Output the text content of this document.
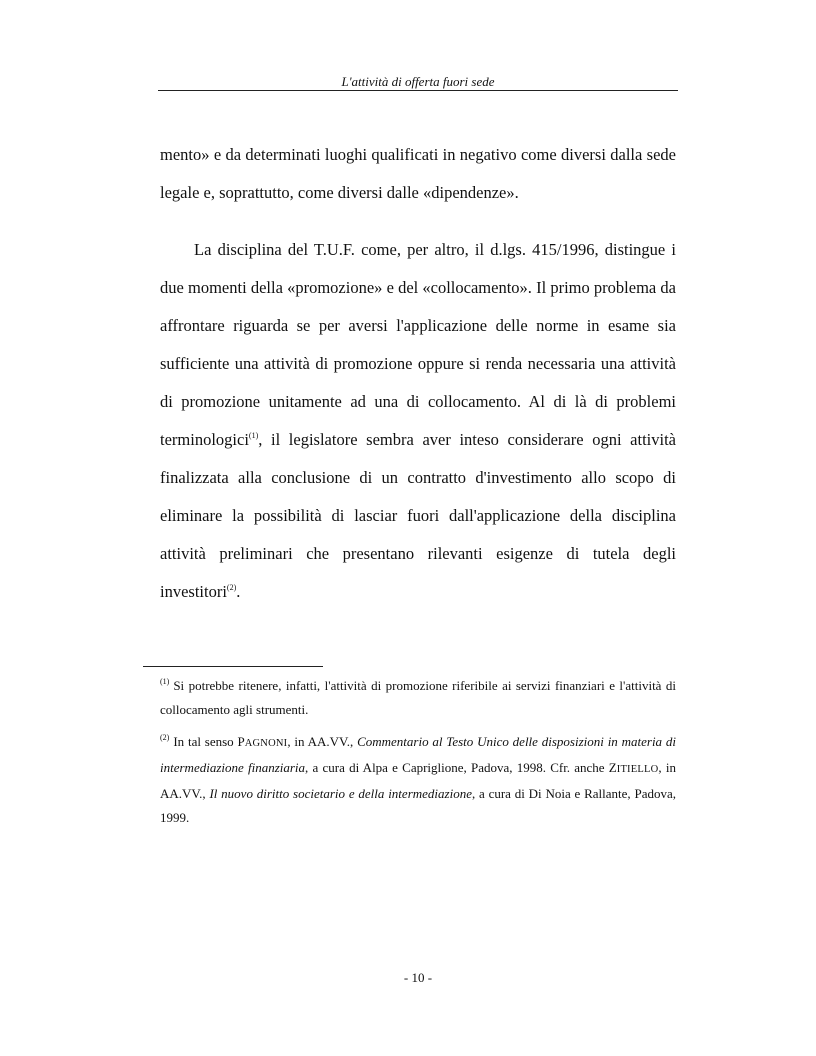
L'attività di offerta fuori sede

mento» e da determinati luoghi qualificati in negativo come diversi dalla sede legale e, soprattutto, come diversi dalle «dipendenze».

La disciplina del T.U.F. come, per altro, il d.lgs. 415/1996, distingue i due momenti della «promozione» e del «collocamento». Il primo problema da affrontare riguarda se per aversi l'applicazione delle norme in esame sia sufficiente una attività di promozione oppure si renda necessaria una attività di promozione unitamente ad una di collocamento. Al di là di problemi terminologici$^{(1)}$, il legislatore sembra aver inteso considerare ogni attività finalizzata alla conclusione di un contratto d'investimento allo scopo di eliminare la possibilità di lasciar fuori dall'applicazione della disciplina attività preliminari che presentano rilevanti esigenze di tutela degli investitori$^{(2)}$.

$^{(1)}$ Si potrebbe ritenere, infatti, l'attività di promozione riferibile ai servizi finanziari e l'attività di collocamento agli strumenti.

$^{(2)}$ In tal senso PAGNONI, in AA.VV., Commentario al Testo Unico delle disposizioni in materia di intermediazione finanziaria, a cura di Alpa e Capriglione, Padova, 1998. Cfr. anche ZITIELLO, in AA.VV., Il nuovo diritto societario e della intermediazione, a cura di Di Noia e Rallante, Padova, 1999.

- 10 -
